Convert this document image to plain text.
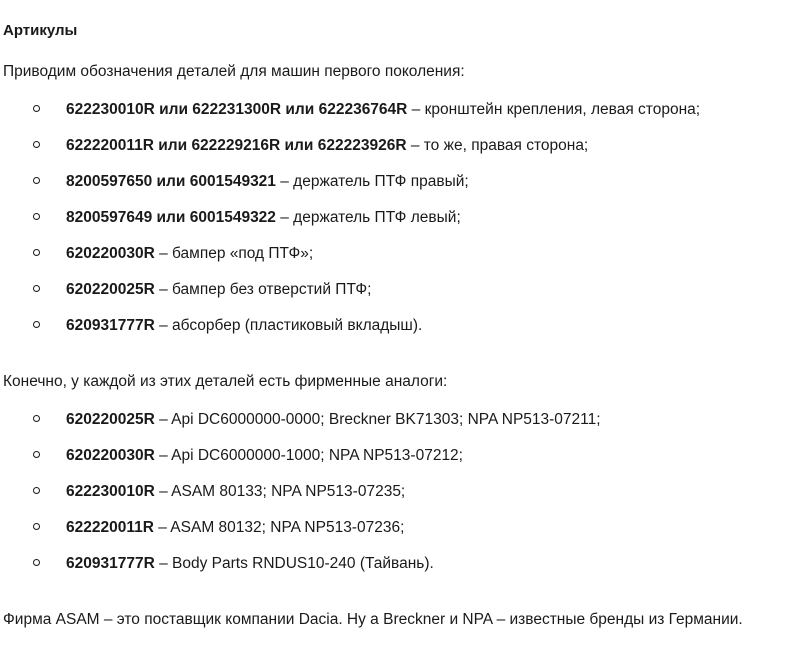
Артикулы
Приводим обозначения деталей для машин первого поколения:
622230010R или 622231300R или 622236764R – кронштейн крепления, левая сторона;
622220011R или 622229216R или 622223926R – то же, правая сторона;
8200597650 или 6001549321 – держатель ПТФ правый;
8200597649 или 6001549322 – держатель ПТФ левый;
620220030R – бампер «под ПТФ»;
620220025R – бампер без отверстий ПТФ;
620931777R – абсорбер (пластиковый вкладыш).
Конечно, у каждой из этих деталей есть фирменные аналоги:
620220025R – Api DC6000000-0000; Breckner BK71303; NPA NP513-07211;
620220030R – Api DC6000000-1000; NPA NP513-07212;
622230010R – ASAM 80133; NPA NP513-07235;
622220011R – ASAM 80132; NPA NP513-07236;
620931777R – Body Parts RNDUS10-240 (Тайвань).
Фирма ASAM – это поставщик компании Dacia. Ну а Breckner и NPA – известные бренды из Германии.
